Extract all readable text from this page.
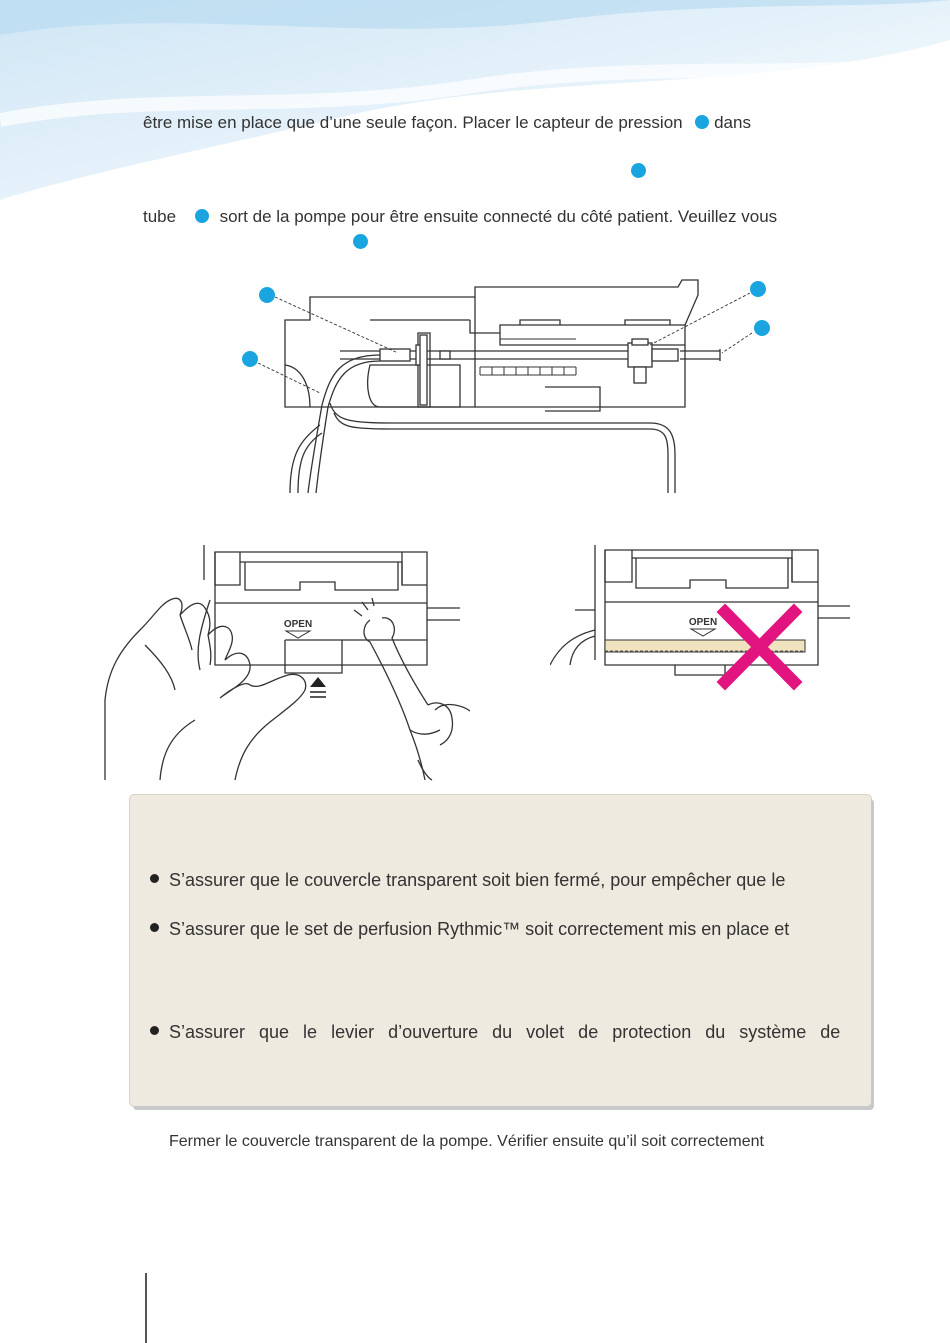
être mise en place que d’une seule façon. Placer le capteur de pression dans
tube	sort de la pompe pour être ensuite connecté du côté patient. Veuillez vous
OPEN	OPEN
S’assurer que le couvercle transparent soit bien fermé, pour empêcher que le
S’assurer que le set de perfusion Rythmic™ soit correctement mis en place et
S’assurer que le levier d’ouverture du volet de protection du système de
Fermer le couvercle transparent de la pompe. Vérifier ensuite qu’il soit correctement
